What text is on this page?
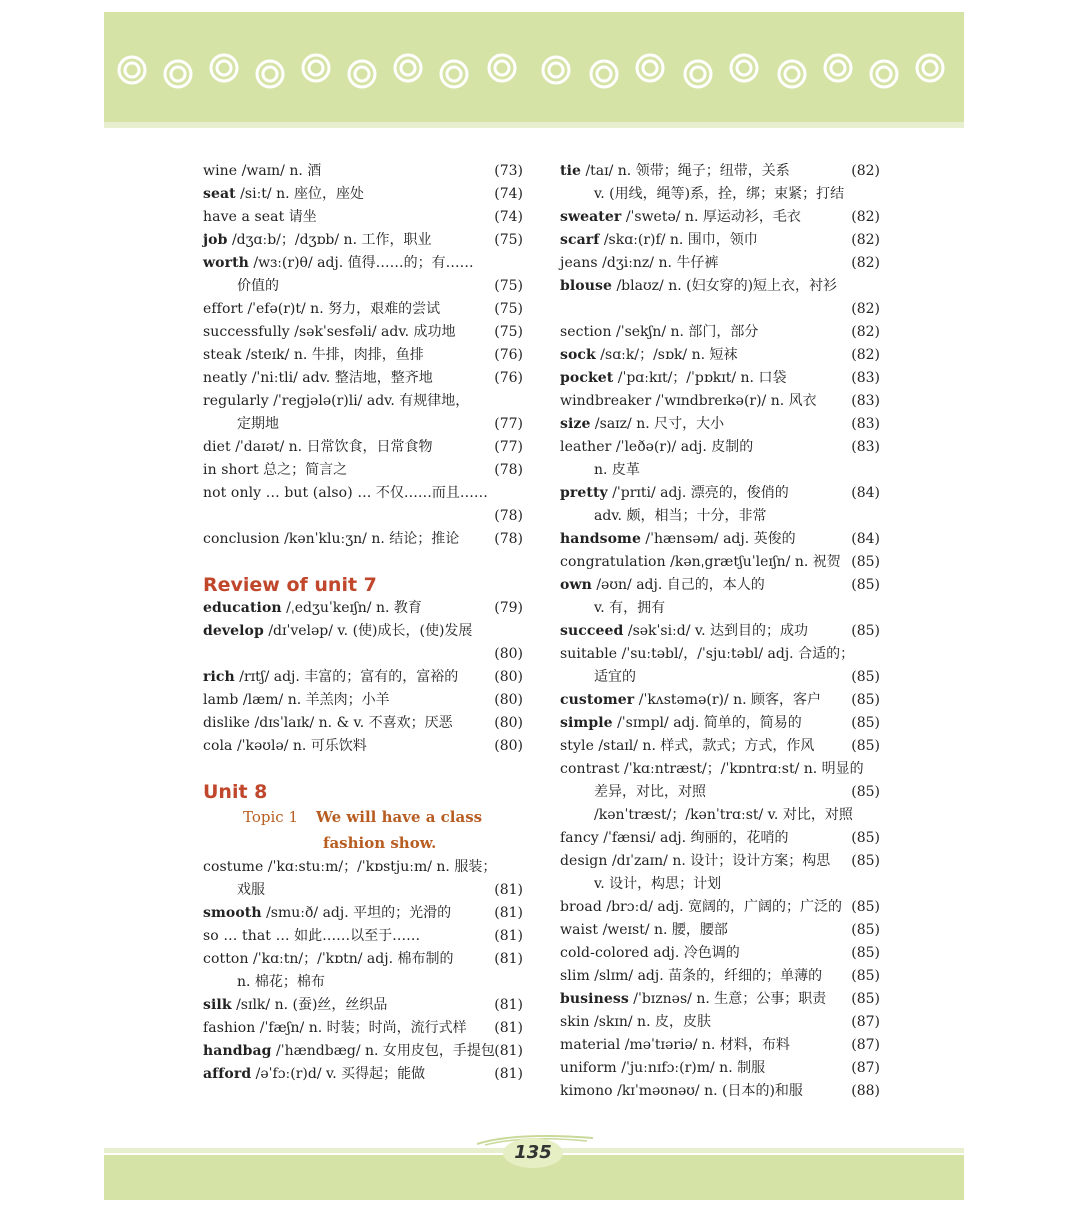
wine /waɪn/ n. 酒	(73)
seat /siːt/ n. 座位，座处	(74)
have a seat 请坐	(74)
job /dʒɑːb/；/dʒɒb/ n. 工作，职业	(75)
worth /wɜː(r)θ/ adj. 值得……的；有……
价值的	(75)
effort /ˈefə(r)t/ n. 努力，艰难的尝试	(75)
successfully /səkˈsesfəli/ adv. 成功地	(75)
steak /steɪk/ n. 牛排，肉排，鱼排	(76)
neatly /ˈniːtli/ adv. 整洁地，整齐地	(76)
regularly /ˈregjələ(r)li/ adv. 有规律地，
定期地	(77)
diet /ˈdaɪət/ n. 日常饮食，日常食物	(77)
in short 总之；简言之	(78)
not only … but (also) … 不仅……而且……
(78)
conclusion /kənˈkluːʒn/ n. 结论；推论	(78)
Review of unit 7
education /ˌedʒuˈkeɪʃn/ n. 教育	(79)
develop /dɪˈveləp/ v. (使)成长，(使)发展
(80)
rich /rɪtʃ/ adj. 丰富的；富有的，富裕的	(80)
lamb /læm/ n. 羊羔肉；小羊	(80)
dislike /dɪsˈlaɪk/ n. & v. 不喜欢；厌恶	(80)
cola /ˈkəʊlə/ n. 可乐饮料	(80)
Unit 8
Topic 1 We will have a class
fashion show.
costume /ˈkɑːstuːm/；/ˈkɒstjuːm/ n. 服装；
戏服	(81)
smooth /smuːð/ adj. 平坦的；光滑的	(81)
so … that … 如此……以至于……	(81)
cotton /ˈkɑːtn/；/ˈkɒtn/ adj. 棉布制的	(81)
n. 棉花；棉布
silk /sɪlk/ n. (蚕)丝，丝织品	(81)
fashion /ˈfæʃn/ n. 时装；时尚，流行式样 (81)
handbag /ˈhændbæg/ n. 女用皮包，手提包 (81)
afford /əˈfɔː(r)d/ v. 买得起；能做	(81)
tie /taɪ/ n. 领带；绳子；纽带，关系	(82)
v. (用线，绳等)系，拴，绑；束紧；打结
sweater /ˈswetə/ n. 厚运动衫，毛衣	(82)
scarf /skɑː(r)f/ n. 围巾，领巾	(82)
jeans /dʒiːnz/ n. 牛仔裤	(82)
blouse /blaʊz/ n. (妇女穿的)短上衣，衬衫
(82)
section /ˈsekʃn/ n. 部门，部分	(82)
sock /sɑːk/；/sɒk/ n. 短袜	(82)
pocket /ˈpɑːkɪt/；/ˈpɒkɪt/ n. 口袋	(83)
windbreaker /ˈwɪndbreɪkə(r)/ n. 风衣 (83)
size /saɪz/ n. 尺寸，大小	(83)
leather /ˈleðə(r)/ adj. 皮制的	(83)
n. 皮革
pretty /ˈprɪti/ adj. 漂亮的，俊俏的	(84)
adv. 颇，相当；十分，非常
handsome /ˈhænsəm/ adj. 英俊的	(84)
congratulation /kənˌgrætʃuˈleɪʃn/ n. 祝贺 (85)
own /əʊn/ adj. 自己的，本人的	(85)
v. 有，拥有
succeed /səkˈsiːd/ v. 达到目的；成功	(85)
suitable /ˈsuːtəbl/，/ˈsjuːtəbl/ adj. 合适的；
适宜的	(85)
customer /ˈkʌstəmə(r)/ n. 顾客，客户 (85)
simple /ˈsɪmpl/ adj. 简单的，简易的	(85)
style /staɪl/ n. 样式，款式；方式，作风	(85)
contrast /ˈkɑːntræst/；/ˈkɒntrɑːst/ n. 明显的
差异，对比，对照	(85)
/kənˈtræst/；/kənˈtrɑːst/ v. 对比，对照
fancy /ˈfænsi/ adj. 绚丽的，花哨的	(85)
design /dɪˈzaɪn/ n. 设计；设计方案；构思 (85)
v. 设计，构思；计划
broad /brɔːd/ adj. 宽阔的，广阔的；广泛的 (85)
waist /weɪst/ n. 腰，腰部	(85)
cold-colored adj. 冷色调的	(85)
slim /slɪm/ adj. 苗条的，纤细的；单薄的 (85)
business /ˈbɪznəs/ n. 生意；公事；职责 (85)
skin /skɪn/ n. 皮，皮肤	(87)
material /məˈtɪəriə/ n. 材料，布料	(87)
uniform /ˈjuːnɪfɔː(r)m/ n. 制服	(87)
kimono /kɪˈməʊnəʊ/ n. (日本的)和服	(88)
135
